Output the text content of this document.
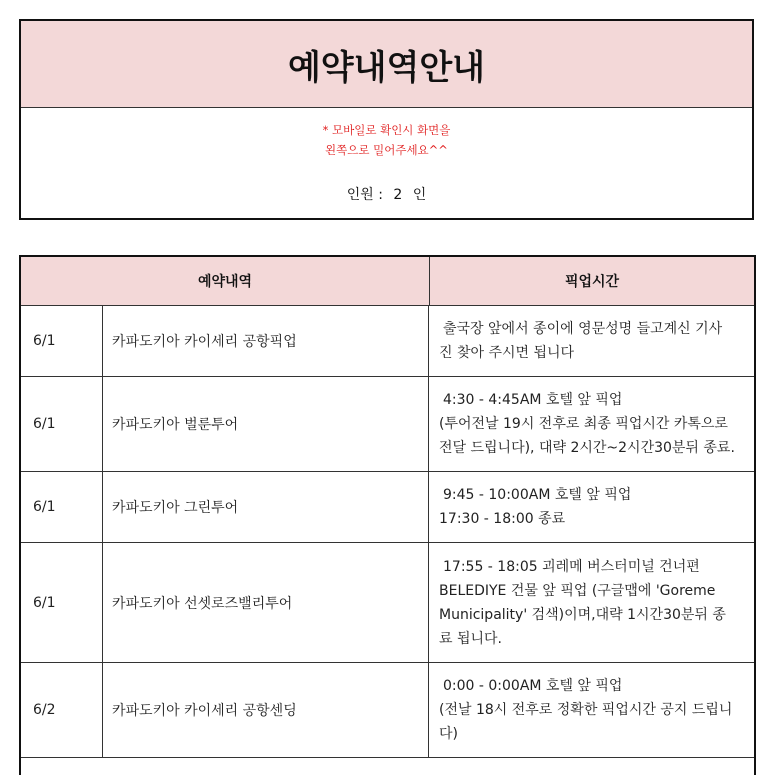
예약내역안내
* 모바일로 확인시 화면을
왼쪽으로 밀어주세요^^
인원 : 2 인
예약내역	픽업시간
6/1	카파도키아 카이세리 공항픽업
출국장 앞에서 종이에 영문성명 들고계신 기사
진 찾아 주시면 됩니다
6/1	카파도키아 벌룬투어
4:30 - 4:45AM 호텔 앞 픽업
(투어전날 19시 전후로 최종 픽업시간 카톡으로
전달 드립니다), 대략 2시간~2시간30분뒤 종료.
6/1	카파도키아 그린투어
9:45 - 10:00AM 호텔 앞 픽업
17:30 - 18:00 종료
6/1	카파도키아 선셋로즈밸리투어
17:55 - 18:05 괴레메 버스터미널 건너편
BELEDIYE 건물 앞 픽업 (구글맵에 'Goreme
Municipality' 검색)이며,대략 1시간30분뒤 종
료 됩니다.
6/2	카파도키아 카이세리 공항센딩
0:00 - 0:00AM 호텔 앞 픽업
(전날 18시 전후로 정확한 픽업시간 공지 드립니
다)
